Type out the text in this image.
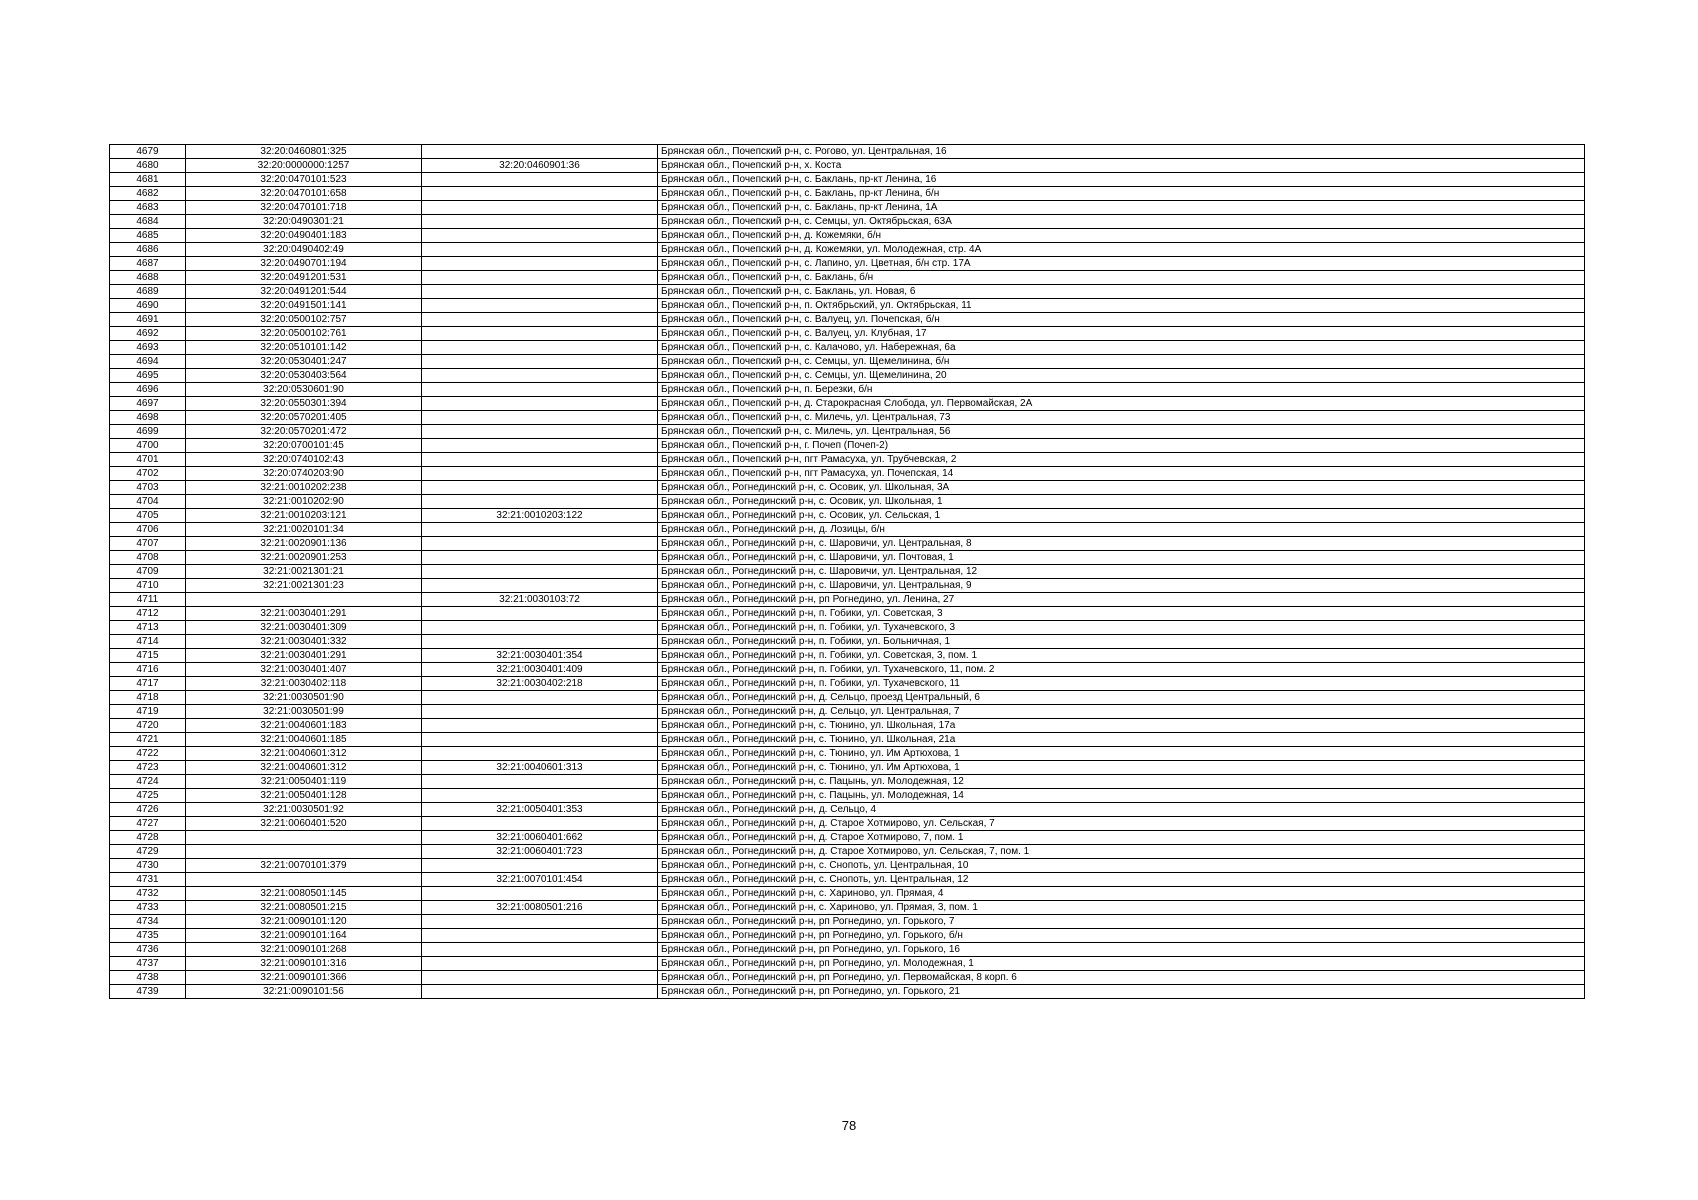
4679	32:20:0460801:325		Брянская обл., Почепский р-н, с. Рогово, ул. Центральная, 16
4680	32:20:0000000:1257	32:20:0460901:36	Брянская обл., Почепский р-н, х. Коста
4681	32:20:0470101:523		Брянская обл., Почепский р-н, с. Баклань, пр-кт Ленина, 16
4682	32:20:0470101:658		Брянская обл., Почепский р-н, с. Баклань, пр-кт Ленина, б/н
4683	32:20:0470101:718		Брянская обл., Почепский р-н, с. Баклань, пр-кт Ленина, 1А
4684	32:20:0490301:21		Брянская обл., Почепский р-н, с. Семцы, ул. Октябрьская, 63А
4685	32:20:0490401:183		Брянская обл., Почепский р-н, д. Кожемяки, б/н
4686	32:20:0490402:49		Брянская обл., Почепский р-н, д. Кожемяки, ул. Молодежная, стр. 4А
4687	32:20:0490701:194		Брянская обл., Почепский р-н, с. Лапино, ул. Цветная, б/н стр. 17А
4688	32:20:0491201:531		Брянская обл., Почепский р-н, с. Баклань, б/н
4689	32:20:0491201:544		Брянская обл., Почепский р-н, с. Баклань, ул. Новая, 6
4690	32:20:0491501:141		Брянская обл., Почепский р-н, п. Октябрьский, ул. Октябрьская, 11
4691	32:20:0500102:757		Брянская обл., Почепский р-н, с. Валуец, ул. Почепская, б/н
4692	32:20:0500102:761		Брянская обл., Почепский р-н, с. Валуец, ул. Клубная, 17
4693	32:20:0510101:142		Брянская обл., Почепский р-н, с. Калачово, ул. Набережная, 6а
4694	32:20:0530401:247		Брянская обл., Почепский р-н, с. Семцы, ул. Щемелинина, б/н
4695	32:20:0530403:564		Брянская обл., Почепский р-н, с. Семцы, ул. Щемелинина, 20
4696	32:20:0530601:90		Брянская обл., Почепский р-н, п. Березки, б/н
4697	32:20:0550301:394		Брянская обл., Почепский р-н, д. Старокрасная Слобода, ул. Первомайская, 2А
4698	32:20:0570201:405		Брянская обл., Почепский р-н, с. Милечь, ул. Центральная, 73
4699	32:20:0570201:472		Брянская обл., Почепский р-н, с. Милечь, ул. Центральная, 56
4700	32:20:0700101:45		Брянская обл., Почепский р-н, г. Почеп (Почеп-2)
4701	32:20:0740102:43		Брянская обл., Почепский р-н, пгт Рамасуха, ул. Трубчевская, 2
4702	32:20:0740203:90		Брянская обл., Почепский р-н, пгт Рамасуха, ул. Почепская, 14
4703	32:21:0010202:238		Брянская обл., Рогнединский р-н, с. Осовик, ул. Школьная, 3А
4704	32:21:0010202:90		Брянская обл., Рогнединский р-н, с. Осовик, ул. Школьная, 1
4705	32:21:0010203:121	32:21:0010203:122	Брянская обл., Рогнединский р-н, с. Осовик, ул. Сельская, 1
4706	32:21:0020101:34		Брянская обл., Рогнединский р-н, д. Лозицы, б/н
4707	32:21:0020901:136		Брянская обл., Рогнединский р-н, с. Шаровичи, ул. Центральная, 8
4708	32:21:0020901:253		Брянская обл., Рогнединский р-н, с. Шаровичи, ул. Почтовая, 1
4709	32:21:0021301:21		Брянская обл., Рогнединский р-н, с. Шаровичи, ул. Центральная, 12
4710	32:21:0021301:23		Брянская обл., Рогнединский р-н, с. Шаровичи, ул. Центральная, 9
4711		32:21:0030103:72	Брянская обл., Рогнединский р-н, рп Рогнедино, ул. Ленина, 27
4712	32:21:0030401:291		Брянская обл., Рогнединский р-н, п. Гобики, ул. Советская, 3
4713	32:21:0030401:309		Брянская обл., Рогнединский р-н, п. Гобики, ул. Тухачевского, 3
4714	32:21:0030401:332		Брянская обл., Рогнединский р-н, п. Гобики, ул. Больничная, 1
4715	32:21:0030401:291	32:21:0030401:354	Брянская обл., Рогнединский р-н, п. Гобики, ул. Советская, 3, пом. 1
4716	32:21:0030401:407	32:21:0030401:409	Брянская обл., Рогнединский р-н, п. Гобики, ул. Тухачевского, 11, пом. 2
4717	32:21:0030402:118	32:21:0030402:218	Брянская обл., Рогнединский р-н, п. Гобики, ул. Тухачевского, 11
4718	32:21:0030501:90		Брянская обл., Рогнединский р-н, д. Сельцо, проезд Центральный, 6
4719	32:21:0030501:99		Брянская обл., Рогнединский р-н, д. Сельцо, ул. Центральная, 7
4720	32:21:0040601:183		Брянская обл., Рогнединский р-н, с. Тюнино, ул. Школьная, 17а
4721	32:21:0040601:185		Брянская обл., Рогнединский р-н, с. Тюнино, ул. Школьная, 21а
4722	32:21:0040601:312		Брянская обл., Рогнединский р-н, с. Тюнино, ул. Им Артюхова, 1
4723	32:21:0040601:312	32:21:0040601:313	Брянская обл., Рогнединский р-н, с. Тюнино, ул. Им Артюхова, 1
4724	32:21:0050401:119		Брянская обл., Рогнединский р-н, с. Пацынь, ул. Молодежная, 12
4725	32:21:0050401:128		Брянская обл., Рогнединский р-н, с. Пацынь, ул. Молодежная, 14
4726	32:21:0030501:92	32:21:0050401:353	Брянская обл., Рогнединский р-н, д. Сельцо, 4
4727	32:21:0060401:520		Брянская обл., Рогнединский р-н, д. Старое Хотмирово, ул. Сельская, 7
4728		32:21:0060401:662	Брянская обл., Рогнединский р-н, д. Старое Хотмирово, 7, пом. 1
4729		32:21:0060401:723	Брянская обл., Рогнединский р-н, д. Старое Хотмирово, ул. Сельская, 7, пом. 1
4730	32:21:0070101:379		Брянская обл., Рогнединский р-н, с. Снопоть, ул. Центральная, 10
4731		32:21:0070101:454	Брянская обл., Рогнединский р-н, с. Снопоть, ул. Центральная, 12
4732	32:21:0080501:145		Брянская обл., Рогнединский р-н, с. Хариново, ул. Прямая, 4
4733	32:21:0080501:215	32:21:0080501:216	Брянская обл., Рогнединский р-н, с. Хариново, ул. Прямая, 3, пом. 1
4734	32:21:0090101:120		Брянская обл., Рогнединский р-н, рп Рогнедино, ул. Горького, 7
4735	32:21:0090101:164		Брянская обл., Рогнединский р-н, рп Рогнедино, ул. Горького, б/н
4736	32:21:0090101:268		Брянская обл., Рогнединский р-н, рп Рогнедино, ул. Горького, 16
4737	32:21:0090101:316		Брянская обл., Рогнединский р-н, рп Рогнедино, ул. Молодежная, 1
4738	32:21:0090101:366		Брянская обл., Рогнединский р-н, рп Рогнедино, ул. Первомайская, 8 корп. 6
4739	32:21:0090101:56		Брянская обл., Рогнединский р-н, рп Рогнедино, ул. Горького, 21
78
